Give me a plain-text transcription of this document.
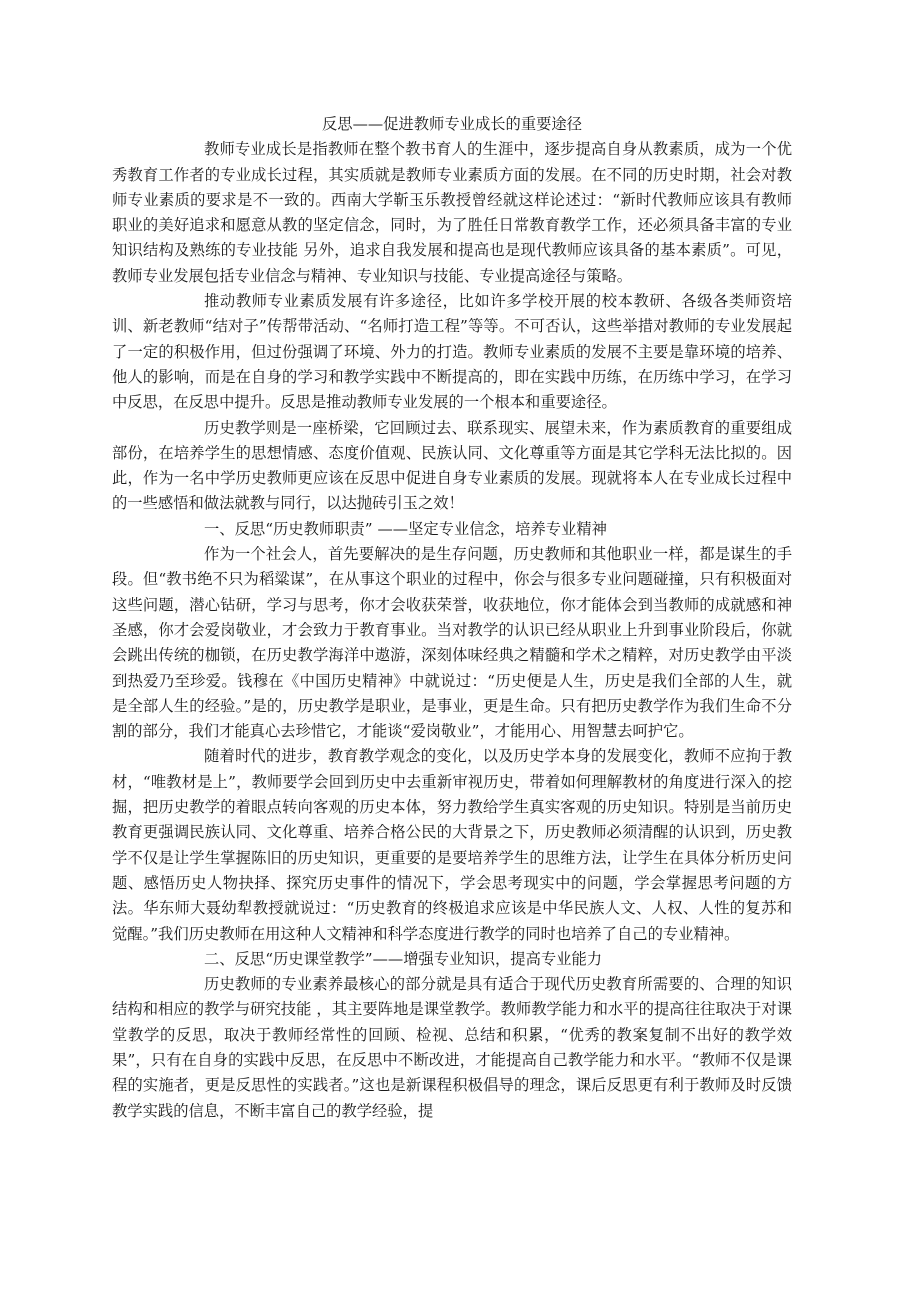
反思——促进教师专业成长的重要途径

教师专业成长是指教师在整个教书育人的生涯中，逐步提高自身从教素质，成为一个优秀教育工作者的专业成长过程，其实质就是教师专业素质方面的发展。在不同的历史时期，社会对教师专业素质的要求是不一致的。西南大学靳玉乐教授曾经就这样论述过：“新时代教师应该具有教师职业的美好追求和愿意从教的坚定信念，同时，为了胜任日常教育教学工作，还必须具备丰富的专业知识结构及熟练的专业技能 另外，追求自我发展和提高也是现代教师应该具备的基本素质”。可见，教师专业发展包括专业信念与精神、专业知识与技能、专业提高途径与策略。

推动教师专业素质发展有许多途径，比如许多学校开展的校本教研、各级各类师资培训、新老教师“结对子”传帮带活动、“名师打造工程”等等。不可否认，这些举措对教师的专业发展起了一定的积极作用，但过份强调了环境、外力的打造。教师专业素质的发展不主要是靠环境的培养、他人的影响，而是在自身的学习和教学实践中不断提高的，即在实践中历练，在历练中学习，在学习中反思，在反思中提升。反思是推动教师专业发展的一个根本和重要途径。

历史教学则是一座桥梁，它回顾过去、联系现实、展望未来，作为素质教育的重要组成部份，在培养学生的思想情感、态度价值观、民族认同、文化尊重等方面是其它学科无法比拟的。因此，作为一名中学历史教师更应该在反思中促进自身专业素质的发展。现就将本人在专业成长过程中的一些感悟和做法就教与同行，以达抛砖引玉之效！

一、反思“历史教师职责” ——坚定专业信念，培养专业精神

作为一个社会人，首先要解决的是生存问题，历史教师和其他职业一样，都是谋生的手段。但“教书绝不只为稻粱谋”，在从事这个职业的过程中，你会与很多专业问题碰撞，只有积极面对这些问题，潜心钻研，学习与思考，你才会收获荣誉，收获地位，你才能体会到当教师的成就感和神圣感，你才会爱岗敬业，才会致力于教育事业。当对教学的认识已经从职业上升到事业阶段后，你就会跳出传统的枷锁，在历史教学海洋中遨游，深刻体味经典之精髓和学术之精粹，对历史教学由平淡到热爱乃至珍爱。钱穆在《中国历史精神》中就说过：“历史便是人生，历史是我们全部的人生，就是全部人生的经验。”是的，历史教学是职业，是事业，更是生命。只有把历史教学作为我们生命不分割的部分，我们才能真心去珍惜它，才能谈“爱岗敬业”，才能用心、用智慧去呵护它。

随着时代的进步，教育教学观念的变化，以及历史学本身的发展变化，教师不应拘于教材，“唯教材是上”，教师要学会回到历史中去重新审视历史，带着如何理解教材的角度进行深入的挖掘，把历史教学的着眼点转向客观的历史本体，努力教给学生真实客观的历史知识。特别是当前历史教育更强调民族认同、文化尊重、培养合格公民的大背景之下，历史教师必须清醒的认识到，历史教学不仅是让学生掌握陈旧的历史知识，更重要的是要培养学生的思维方法，让学生在具体分析历史问题、感悟历史人物抉择、探究历史事件的情况下，学会思考现实中的问题，学会掌握思考问题的方法。华东师大聂幼犁教授就说过：“历史教育的终极追求应该是中华民族人文、人权、人性的复苏和觉醒。”我们历史教师在用这种人文精神和科学态度进行教学的同时也培养了自己的专业精神。

二、反思“历史课堂教学”——增强专业知识，提高专业能力

历史教师的专业素养最核心的部分就是具有适合于现代历史教育所需要的、合理的知识结构和相应的教学与研究技能 ，其主要阵地是课堂教学。教师教学能力和水平的提高往往取决于对课堂教学的反思，取决于教师经常性的回顾、检视、总结和积累，“优秀的教案复制不出好的教学效果”，只有在自身的实践中反思，在反思中不断改进，才能提高自己教学能力和水平。“教师不仅是课程的实施者，更是反思性的实践者。”这也是新课程积极倡导的理念，课后反思更有利于教师及时反馈教学实践的信息，不断丰富自己的教学经验，提
